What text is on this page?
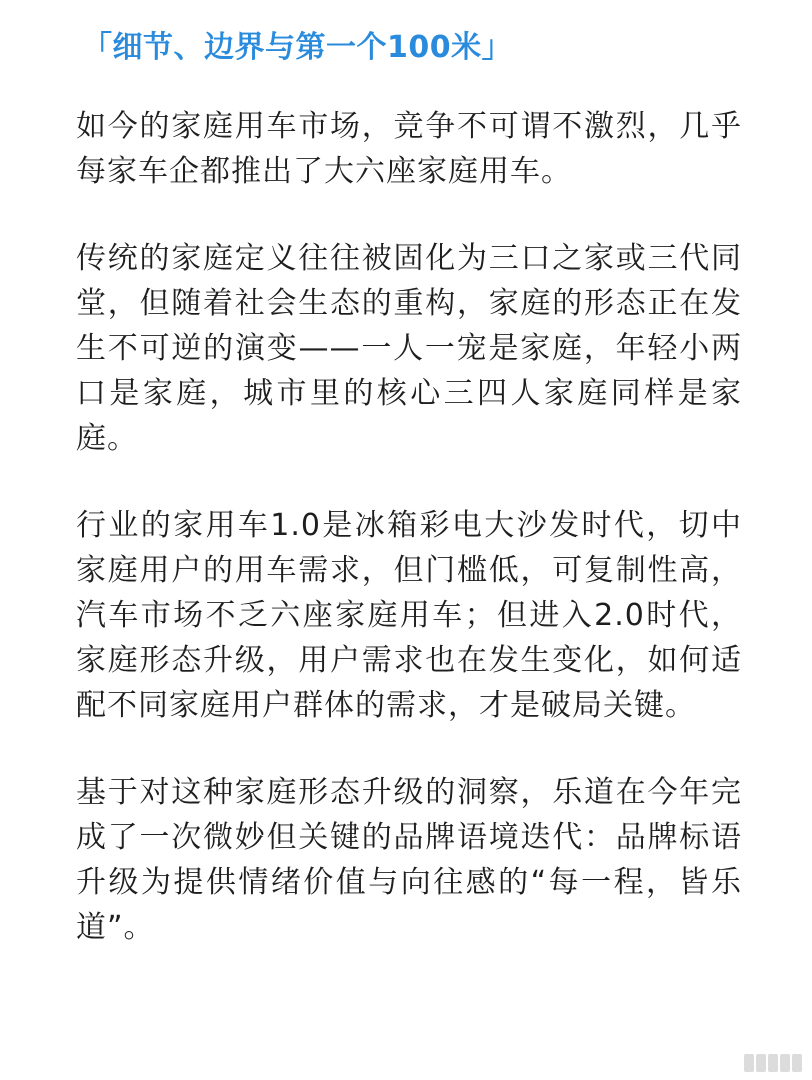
「细节、边界与第一个100米」

如今的家庭用车市场，竞争不可谓不激烈，几乎每家车企都推出了大六座家庭用车。

传统的家庭定义往往被固化为三口之家或三代同堂，但随着社会生态的重构，家庭的形态正在发生不可逆的演变——一人一宠是家庭，年轻小两口是家庭，城市里的核心三四人家庭同样是家庭。

行业的家用车1.0是冰箱彩电大沙发时代，切中家庭用户的用车需求，但门槛低，可复制性高，汽车市场不乏六座家庭用车；但进入2.0时代，家庭形态升级，用户需求也在发生变化，如何适配不同家庭用户群体的需求，才是破局关键。

基于对这种家庭形态升级的洞察，乐道在今年完成了一次微妙但关键的品牌语境迭代：品牌标语升级为提供情绪价值与向往感的“每一程，皆乐道”。
